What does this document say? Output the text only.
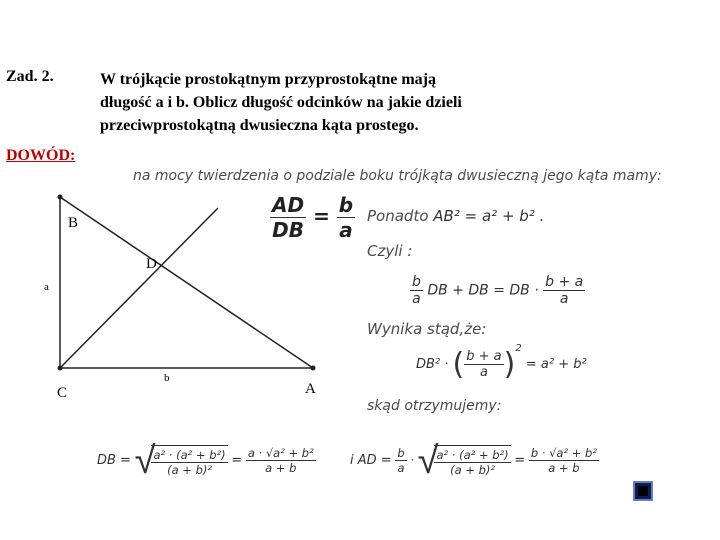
Zad. 2.	W trójkącie prostokątnym przyprostokątne mają
długość a i b. Oblicz długość odcinków na jakie dzieli
przeciwprostokątną dwusieczna kąta prostego.
DOWÓD:
B
D
a
C
b
A
na mocy twierdzenia o podziale boku trójkąta dwusieczną jego kąta mamy:
$\frac{AD}{DB} = \frac{b}{a}$ Ponadto AB² = a² + b² .
Czyli :
$\frac{b}{a}$ DB + DB = DB · $\frac{b + a}{a}$
Wynika stąd,że:
DB² · ( $\frac{b + a}{a} )^2 = a^2 + b^2$
skąd otrzymujemy:
DB = √
$\frac{\text{a² · (a² + b²)}}{\text{(a + b)²}} = \frac{\text{a · √a² + b²}}{a + b}$	i AD = $\frac{b}{a}$ · √
$\frac{\text{a² · (a² + b²)}}{\text{(a + b)²}} = \frac{\text{b · √a² + b²}}{a + b}$
